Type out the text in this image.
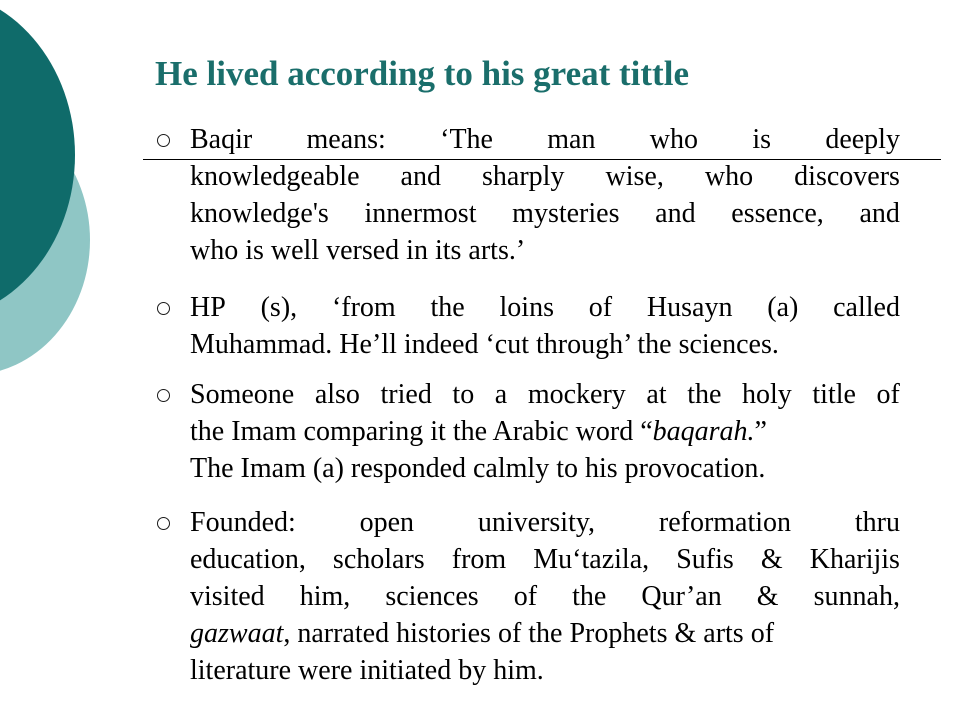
He lived according to his great tittle
Baqir means: ‘The man who is deeply
knowledgeable and sharply wise, who discovers
knowledge's innermost mysteries and essence, and
who is well versed in its arts.’
HP (s), ‘from the loins of Husayn (a) called
Muhammad. He’ll indeed ‘cut through’ the sciences.
Someone also tried to a mockery at the holy title of
the Imam comparing it the Arabic word “baqarah.”
The Imam (a) responded calmly to his provocation.
Founded: open university, reformation thru
education, scholars from Mu‘tazila, Sufis & Kharijis
visited him, sciences of the Qur’an & sunnah,
gazwaat, narrated histories of the Prophets & arts of
literature were initiated by him.
